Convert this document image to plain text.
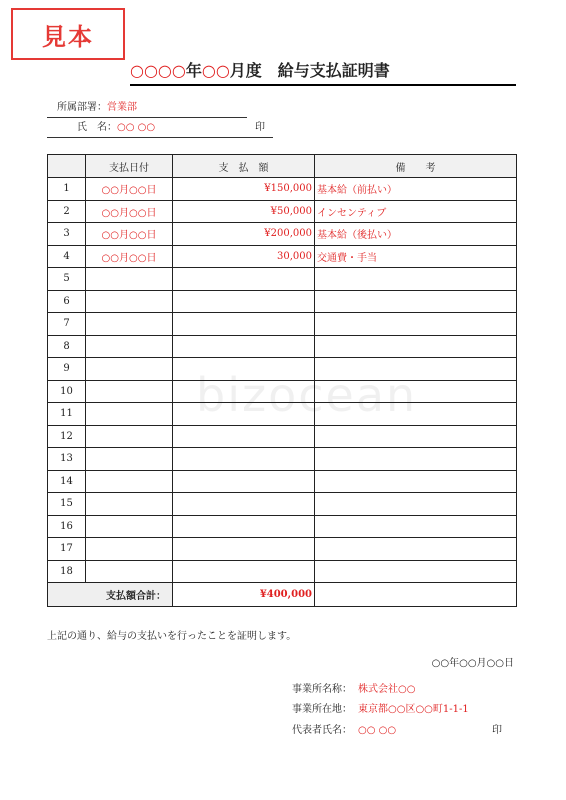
見本
bizocean
○○○○年○○月度　給与支払証明書
所属部署：営業部
氏　名：○○ ○○	印
	支払日付	支　払　額	備　　考
1	○○月○○日	¥150,000	基本給（前払い）
2	○○月○○日	¥50,000	インセンティブ
3	○○月○○日	¥200,000	基本給（後払い）
4	○○月○○日	30,000	交通費・手当
5			
6			
7			
8			
9			
10			
11			
12			
13			
14			
15			
16			
17			
18			
支払額合計：		¥400,000	
上記の通り、給与の支払いを行ったことを証明します。
○○年○○月○○日
事業所名称： 株式会社○○
事業所在地： 東京都○○区○○町1-1-1
代表者氏名： ○○ ○○	印
